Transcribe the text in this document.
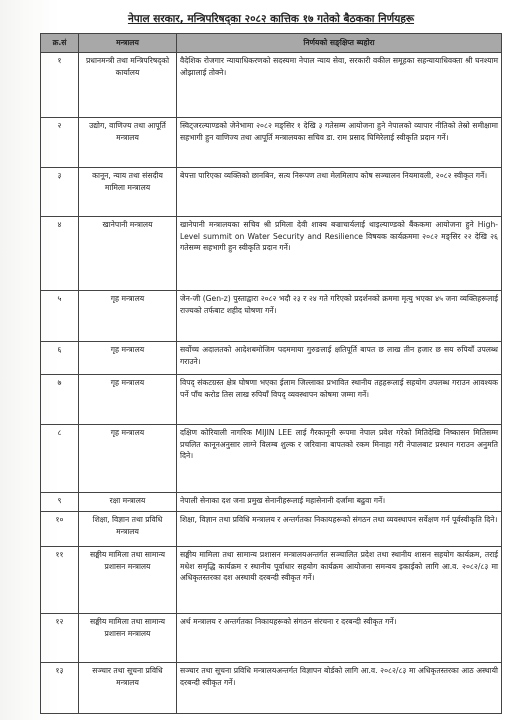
नेपाल सरकार, मन्त्रिपरिषद्‌का २०८२ कात्तिक १७ गतेको बैठकका निर्णयहरू
क्र.सं	मन्त्रालय	निर्णयको सङ्क्षिप्त ब्यहोरा
१	प्रधानमन्त्री तथा मन्त्रिपरिषद्‌को कार्यालय	वैदेशिक रोजगार न्यायाधिकरणको सदस्यमा नेपाल न्याय सेवा, सरकारी वकील समूहका सहन्यायाधिवक्ता श्री घनश्याम ओझालाई तोक्ने।
२	उद्योग, वाणिज्य तथा आपूर्ति मन्त्रालय	स्विट्जरल्याण्डको जेनेभामा २०८२ मङ्सिर १ देखि ३ गतेसम्म आयोजना हुने नेपालको व्यापार नीतिको तेस्रो समीक्षामा सहभागी हुन वाणिज्य तथा आपूर्ति मन्त्रालयका सचिव डा. राम प्रसाद घिमिरेलाई स्वीकृति प्रदान गर्ने।
३	कानून, न्याय तथा संसदीय मामिला मन्त्रालय	बेपत्ता पारिएका व्यक्तिको छानबिन, सत्य निरूपण तथा मेलमिलाप कोष सञ्चालन नियमावली, २०८२ स्वीकृत गर्ने।
४	खानेपानी मन्त्रालय	खानेपानी मन्त्रालयका सचिव श्री प्रमिला देवी शाक्य बज्राचार्यलाई थाइल्याण्डको बैंककमा आयोजना हुने High-Level summit on Water Security and Resilience विषयक कार्यक्रममा २०८२ मङ्सिर २२ देखि २६ गतेसम्म सहभागी हुन स्वीकृति प्रदान गर्ने।
५	गृह मन्त्रालय	जेन-जी (Gen-z) पुस्ताद्वारा २०८२ भदौ २३ र २४ गते गरिएको प्रदर्शनको क्रममा मृत्यु भएका ४५ जना व्यक्तिहरूलाई राज्यको तर्फबाट शहीद घोषणा गर्ने।
६	गृह मन्त्रालय	सर्वोच्च अदालतको आदेशबमोजिम पदममाया गुरुङलाई क्षतिपूर्ति बापत छ लाख तीन हजार छ सय रुपियाँ उपलब्ध गराउने।
७	गृह मन्त्रालय	विपद् संकटग्रस्त क्षेत्र घोषणा भएका ईलाम जिल्लाका प्रभावित स्थानीय तहहरूलाई सहयोग उपलब्ध गराउन आवश्यक पर्ने पाँच करोड तिस लाख रुपियाँ विपद् व्यवस्थापन कोषमा जम्मा गर्ने।
८	गृह मन्त्रालय	दक्षिण कोरियाली नागरिक MIJIN LEE लाई गैरकानूनी रूपमा नेपाल प्रवेश गरेको मितिदेखि निष्कासन मितिसम्म प्रचलित कानूनअनुसार लाग्ने विलम्ब शुल्क र जरिवाना बापतको रकम मिनाहा गरी नेपालबाट प्रस्थान गराउन अनुमति दिने।
९	रक्षा मन्त्रालय	नेपाली सेनाका दश जना प्रमुख सेनानीहरूलाई महासेनानी दर्जामा बढुवा गर्ने।
१०	शिक्षा, विज्ञान तथा प्रविधि मन्त्रालय	शिक्षा, विज्ञान तथा प्रविधि मन्त्रालय र अन्तर्गतका निकायहरूको संगठन तथा व्यवस्थापन सर्वेक्षण गर्न पूर्वस्वीकृति दिने।
११	सङ्घीय मामिला तथा सामान्य प्रशासन मन्त्रालय	सङ्घीय मामिला तथा सामान्य प्रशासन मन्त्रालयअन्तर्गत सञ्चालित प्रदेश तथा स्थानीय शासन सहयोग कार्यक्रम, तराई मधेश समृद्धि कार्यक्रम र स्थानीय पूर्वाधार सहयोग कार्यक्रम आयोजना समन्वय इकाईको लागि आ.व. २०८२/८३ मा अधिकृतस्तरका दश अस्थायी दरबन्दी स्वीकृत गर्ने।
१२	सङ्घीय मामिला तथा सामान्य प्रशासन मन्त्रालय	अर्थ मन्त्रालय र अन्तर्गतका निकायहरूको संगठन संरचना र दरबन्दी स्वीकृत गर्ने।
१३	सञ्चार तथा सूचना प्रविधि मन्त्रालय	सञ्चार तथा सूचना प्रविधि मन्त्रालयअन्तर्गत विज्ञापन बोर्डको लागि आ.व. २०८२/८३ मा अधिकृतस्तरका आठ अस्थायी दरबन्दी स्वीकृत गर्ने।
